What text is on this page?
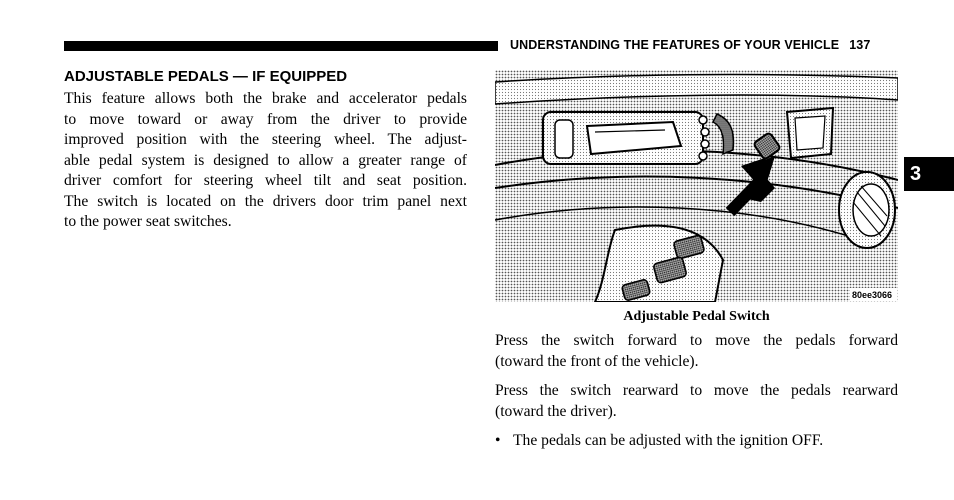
UNDERSTANDING THE FEATURES OF YOUR VEHICLE 137
ADJUSTABLE PEDALS — IF EQUIPPED
This feature allows both the brake and accelerator pedals
to move toward or away from the driver to provide
improved position with the steering wheel. The adjust-
able pedal system is designed to allow a greater range of
driver comfort for steering wheel tilt and seat position.
The switch is located on the drivers door trim panel next
to the power seat switches.
80ee3066
Adjustable Pedal Switch
Press the switch forward to move the pedals forward
(toward the front of the vehicle).
Press the switch rearward to move the pedals rearward
(toward the driver).
• The pedals can be adjusted with the ignition OFF.
3
